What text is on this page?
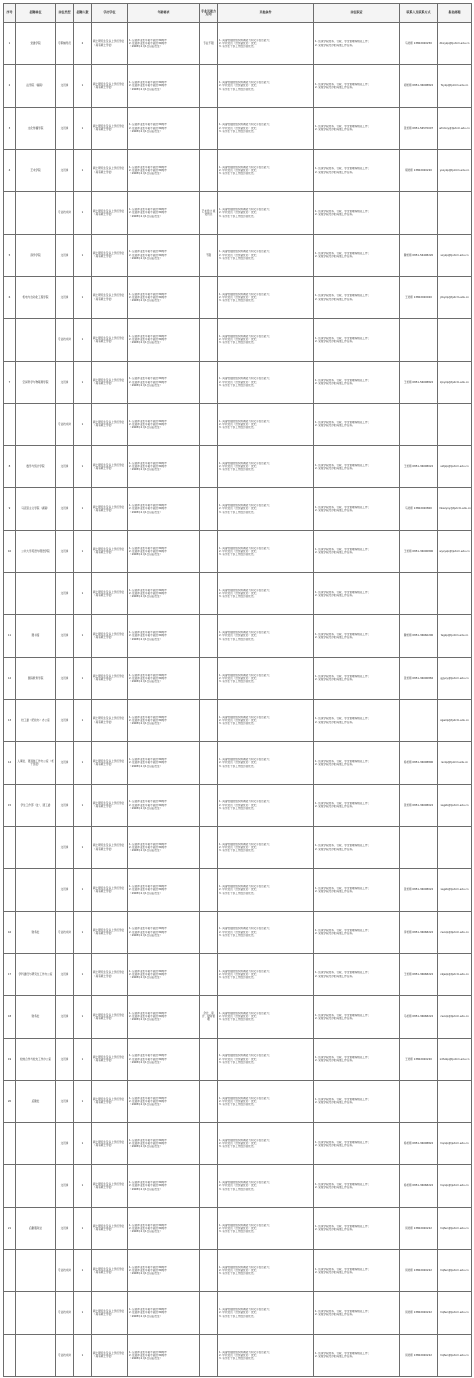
序号	招聘单位	岗位类型	招聘人数	学历学位	年龄要求	专业及能力方向	其他条件	岗位职责	联系人及联系方式	报名邮箱
1	党建学院	专职辅导员	2	硕士研究生及以上学历学位（具有硕士学位）	1. 应届毕业生年龄不超过30周岁
2. 往届毕业生年龄不超过30周岁
（1993年1月1日以后出生）	专业不限	1. 具备较强的组织协调能力和文字表达能力；
2. 中共党员（含预备党员）优先；
3. 有学生干部工作经历者优先。	1. 负责学院党务、行政、学生管理等相关工作；
2. 完成学院交办的其他工作任务。	马老师 13802020250	dbxyzp@tjutcm.edu.cn
2	法学院（湖南）	文员岗	1	硕士研究生及以上学历学位（具有硕士学位）	1. 应届毕业生年龄不超过30周岁
2. 往届毕业生年龄不超过30周岁
（1993年1月1日以后出生）		1. 具备较强的组织协调能力和文字表达能力；
2. 中共党员（含预备党员）优先；
3. 有学生干部工作经历者优先。	1. 负责学院党务、行政、学生管理等相关工作；
2. 完成学院交办的其他工作任务。	胡老师 0851-36008822	fxyzp@tjutcm.edu.cn
3	文化传播学院	文员岗	1	硕士研究生及以上学历学位（具有硕士学位）	1. 应届毕业生年龄不超过30周岁
2. 往届毕业生年龄不超过30周岁
（1993年1月1日以后出生）		1. 具备较强的组织协调能力和文字表达能力；
2. 中共党员（含预备党员）优先；
3. 有学生干部工作经历者优先。	1. 负责学院党务、行政、学生管理等相关工作；
2. 完成学院交办的其他工作任务。	张老师 0851-56570007	whcbxy@tjutcm.edu.cn
4	艺术学院	文员岗	1	硕士研究生及以上学历学位（具有硕士学位）	1. 应届毕业生年龄不超过30周岁
2. 往届毕业生年龄不超过30周岁
（1993年1月1日以后出生）		1. 具备较强的组织协调能力和文字表达能力；
2. 中共党员（含预备党员）优先；
3. 有学生干部工作经历者优先。	1. 负责学院党务、行政、学生管理等相关工作；
2. 完成学院交办的其他工作任务。	胡老师 13802020220	ysxyzp@tjutcm.edu.cn
		专业技术岗	1	硕士研究生及以上学历学位（具有硕士学位）	1. 应届毕业生年龄不超过30周岁
2. 往届毕业生年龄不超过30周岁
（1993年1月1日以后出生）	艺术设计 视觉传达	1. 具备较强的组织协调能力和文字表达能力；
2. 中共党员（含预备党员）优先；
3. 有学生干部工作经历者优先。	1. 负责学院党务、行政、学生管理等相关工作；
2. 完成学院交办的其他工作任务。		

5	商学学院	文员岗	1	硕士研究生及以上学历学位（具有硕士学位）	1. 应届毕业生年龄不超过30周岁
2. 往届毕业生年龄不超过30周岁
（1993年1月1日以后出生）	不限	1. 具备较强的组织协调能力和文字表达能力；
2. 中共党员（含预备党员）优先；
3. 有学生干部工作经历者优先。	1. 负责学院党务、行政、学生管理等相关工作；
2. 完成学院交办的其他工作任务。	魏老师 0851-56408220	sxyzp@tjutcm.edu.cn
6	机电与自动化工程学院	文员岗	1	硕士研究生及以上学历学位（具有硕士学位）	1. 应届毕业生年龄不超过30周岁
2. 往届毕业生年龄不超过30周岁
（1993年1月1日以后出生）		1. 具备较强的组织协调能力和文字表达能力；
2. 中共党员（含预备党员）优先；
3. 有学生干部工作经历者优先。	1. 负责学院党务、行政、学生管理等相关工作；
2. 完成学院交办的其他工作任务。	王老师 13802020020	jdxyzp@tjutcm.edu.cn
		专业技术岗	1	硕士研究生及以上学历学位（具有硕士学位）	1. 应届毕业生年龄不超过30周岁
2. 往届毕业生年龄不超过30周岁
（1993年1月1日以后出生）		1. 具备较强的组织协调能力和文字表达能力；
2. 中共党员（含预备党员）优先；
3. 有学生干部工作经历者优先。	1. 负责学院党务、行政、学生管理等相关工作；
2. 完成学院交办的其他工作任务。		

7	空间科学与物联网学院	文员岗	1	硕士研究生及以上学历学位（具有硕士学位）	1. 应届毕业生年龄不超过30周岁
2. 往届毕业生年龄不超过30周岁
（1993年1月1日以后出生）		1. 具备较强的组织协调能力和文字表达能力；
2. 中共党员（含预备党员）优先；
3. 有学生干部工作经历者优先。	1. 负责学院党务、行政、学生管理等相关工作；
2. 完成学院交办的其他工作任务。	王老师 0851-56008822	kjxyzp@tjutcm.edu.cn
		专业技术岗	1	硕士研究生及以上学历学位（具有硕士学位）	1. 应届毕业生年龄不超过30周岁
2. 往届毕业生年龄不超过30周岁
（1993年1月1日以后出生）		1. 具备较强的组织协调能力和文字表达能力；
2. 中共党员（含预备党员）优先；
3. 有学生干部工作经历者优先。	1. 负责学院党务、行政、学生管理等相关工作；
2. 完成学院交办的其他工作任务。		

8	数学与统计学院	文员岗	1	硕士研究生及以上学历学位（具有硕士学位）	1. 应届毕业生年龄不超过30周岁
2. 往届毕业生年龄不超过30周岁
（1993年1月1日以后出生）		1. 具备较强的组织协调能力和文字表达能力；
2. 中共党员（含预备党员）优先；
3. 有学生干部工作经历者优先。	1. 负责学院党务、行政、学生管理等相关工作；
2. 完成学院交办的其他工作任务。	王老师 0851-36008022	sxtjzp@tjutcm.edu.cn
9	马克思主义学院（湖南）	文员岗	1	硕士研究生及以上学历学位（具有硕士学位）	1. 应届毕业生年龄不超过30周岁
2. 往届毕业生年龄不超过30周岁
（1993年1月1日以后出生）		1. 具备较强的组织协调能力和文字表达能力；
2. 中共党员（含预备党员）优先；
3. 有学生干部工作经历者优先。	1. 负责学院党务、行政、学生管理等相关工作；
2. 完成学院交办的其他工作任务。	马老师 13802020800	mkszyxy@tjutcm.edu.cn
10	公共大学英语与理语学院	文员岗	1	硕士研究生及以上学历学位（具有硕士学位）	1. 应届毕业生年龄不超过30周岁
2. 往届毕业生年龄不超过30周岁
（1993年1月1日以后出生）		1. 具备较强的组织协调能力和文字表达能力；
2. 中共党员（含预备党员）优先；
3. 有学生干部工作经历者优先。	1. 负责学院党务、行政、学生管理等相关工作；
2. 完成学院交办的其他工作任务。	王老师 0851-36000800	wyxyzp@tjutcm.edu.cn
		文员岗	1	硕士研究生及以上学历学位（具有硕士学位）	1. 应届毕业生年龄不超过30周岁
2. 往届毕业生年龄不超过30周岁
（1993年1月1日以后出生）		1. 具备较强的组织协调能力和文字表达能力；
2. 中共党员（含预备党员）优先；
3. 有学生干部工作经历者优先。	1. 负责学院党务、行政、学生管理等相关工作；
2. 完成学院交办的其他工作任务。		

11	图书馆	文员岗	1	硕士研究生及以上学历学位（具有硕士学位）	1. 应届毕业生年龄不超过30周岁
2. 往届毕业生年龄不超过30周岁
（1993年1月1日以后出生）		1. 具备较强的组织协调能力和文字表达能力；
2. 中共党员（含预备党员）优先；
3. 有学生干部工作经历者优先。	1. 负责学院党务、行政、学生管理等相关工作；
2. 完成学院交办的其他工作任务。	魏老师 0851-36660200	tsgzp@tjutcm.edu.cn
12	国际教育学院	文员岗	1	硕士研究生及以上学历学位（具有硕士学位）	1. 应届毕业生年龄不超过30周岁
2. 往届毕业生年龄不超过30周岁
（1993年1月1日以后出生）		1. 具备较强的组织协调能力和文字表达能力；
2. 中共党员（含预备党员）优先；
3. 有学生干部工作经历者优先。	1. 负责学院党务、行政、学生管理等相关工作；
2. 完成学院交办的其他工作任务。	张老师 0851-36000882	gjjyxy@tjutcm.edu.cn
13	校工委（纪检办）办公室	文员岗	1	硕士研究生及以上学历学位（具有硕士学位）	1. 应届毕业生年龄不超过30周岁
2. 往届毕业生年龄不超过30周岁
（1993年1月1日以后出生）		1. 具备较强的组织协调能力和文字表达能力；
2. 中共党员（含预备党员）优先；
3. 有学生干部工作经历者优先。	1. 负责学院党务、行政、学生管理等相关工作；
2. 完成学院交办的其他工作任务。		xgwzp@tjutcm.edu.cn
14	人事处、离退休工作办公室（老干部处）	文员岗	1	硕士研究生及以上学历学位（具有硕士学位）	1. 应届毕业生年龄不超过30周岁
2. 往届毕业生年龄不超过30周岁
（1993年1月1日以后出生）		1. 具备较强的组织协调能力和文字表达能力；
2. 中共党员（含预备党员）优先；
3. 有学生干部工作经历者优先。	1. 负责学院党务、行政、学生管理等相关工作；
2. 完成学院交办的其他工作任务。	杨老师 0851-36008800	rsczp@tjutcm.edu.cn
15	学生工作部（处）、团工委	文员岗	1	硕士研究生及以上学历学位（具有硕士学位）	1. 应届毕业生年龄不超过30周岁
2. 往届毕业生年龄不超过30周岁
（1993年1月1日以后出生）		1. 具备较强的组织协调能力和文字表达能力；
2. 中共党员（含预备党员）优先；
3. 有学生干部工作经历者优先。	1. 负责学院党务、行政、学生管理等相关工作；
2. 完成学院交办的其他工作任务。	张老师 0851-36008022	xsgzb@tjutcm.edu.cn
		文员岗	1	硕士研究生及以上学历学位（具有硕士学位）	1. 应届毕业生年龄不超过30周岁
2. 往届毕业生年龄不超过30周岁
（1993年1月1日以后出生）		1. 具备较强的组织协调能力和文字表达能力；
2. 中共党员（含预备党员）优先；
3. 有学生干部工作经历者优先。	1. 负责学院党务、行政、学生管理等相关工作；
2. 完成学院交办的其他工作任务。		

		文员岗	1	硕士研究生及以上学历学位（具有硕士学位）	1. 应届毕业生年龄不超过30周岁
2. 往届毕业生年龄不超过30周岁
（1993年1月1日以后出生）		1. 具备较强的组织协调能力和文字表达能力；
2. 中共党员（含预备党员）优先；
3. 有学生干部工作经历者优先。	1. 负责学院党务、行政、学生管理等相关工作；
2. 完成学院交办的其他工作任务。	张老师 0851-36008022	xsgzb@tjutcm.edu.cn
16	财务处	专业技术岗	1	硕士研究生及以上学历学位（具有硕士学位）	1. 应届毕业生年龄不超过30周岁
2. 往届毕业生年龄不超过30周岁
（1993年1月1日以后出生）		1. 具备较强的组织协调能力和文字表达能力；
2. 中共党员（含预备党员）优先；
3. 有学生干部工作经历者优先。	1. 负责学院党务、行政、学生管理等相关工作；
2. 完成学院交办的其他工作任务。	李老师 0851-36068222	cwczp@tjutcm.edu.cn
17	学科建设与研究生工作办公室	文员岗	1	硕士研究生及以上学历学位（具有硕士学位）	1. 应届毕业生年龄不超过30周岁
2. 往届毕业生年龄不超过30周岁
（1993年1月1日以后出生）		1. 具备较强的组织协调能力和文字表达能力；
2. 中共党员（含预备党员）优先；
3. 有学生干部工作经历者优先。	1. 负责学院党务、行政、学生管理等相关工作；
2. 完成学院交办的其他工作任务。	王老师 0851-36668222	xkjszp@tjutcm.edu.cn
18	财务处	文员岗	1	硕士研究生及以上学历学位（具有硕士学位）	1. 应届毕业生年龄不超过30周岁
2. 往届毕业生年龄不超过30周岁
（1993年1月1日以后出生）	会计、审计、财务管理	1. 具备较强的组织协调能力和文字表达能力；
2. 中共党员（含预备党员）优先；
3. 有学生干部工作经历者优先。	1. 负责学院党务、行政、学生管理等相关工作；
2. 完成学院交办的其他工作任务。	马老师 0851-36668222	cwczp@tjutcm.edu.cn
19	校地合作与校友工作办公室	文员岗	1	硕士研究生及以上学历学位（具有硕士学位）	1. 应届毕业生年龄不超过30周岁
2. 往届毕业生年龄不超过30周岁
（1993年1月1日以后出生）		1. 具备较强的组织协调能力和文字表达能力；
2. 中共党员（含预备党员）优先；
3. 有学生干部工作经历者优先。	1. 负责学院党务、行政、学生管理等相关工作；
2. 完成学院交办的其他工作任务。	王老师 13802020220	xdhzzp@tjutcm.edu.cn
20	后勤处	文员岗	1	硕士研究生及以上学历学位（具有硕士学位）	1. 应届毕业生年龄不超过30周岁
2. 往届毕业生年龄不超过30周岁
（1993年1月1日以后出生）		1. 具备较强的组织协调能力和文字表达能力；
2. 中共党员（含预备党员）优先；
3. 有学生干部工作经历者优先。	1. 负责学院党务、行政、学生管理等相关工作；
2. 完成学院交办的其他工作任务。		

		文员岗	1	硕士研究生及以上学历学位（具有硕士学位）	1. 应届毕业生年龄不超过30周岁
2. 往届毕业生年龄不超过30周岁
（1993年1月1日以后出生）		1. 具备较强的组织协调能力和文字表达能力；
2. 中共党员（含预备党员）优先；
3. 有学生干部工作经历者优先。	1. 负责学院党务、行政、学生管理等相关工作；
2. 完成学院交办的其他工作任务。	杨老师 0851-36008822	hqczp@tjutcm.edu.cn
		文员岗	1	硕士研究生及以上学历学位（具有硕士学位）	1. 应届毕业生年龄不超过30周岁
2. 往届毕业生年龄不超过30周岁
（1993年1月1日以后出生）		1. 具备较强的组织协调能力和文字表达能力；
2. 中共党员（含预备党员）优先；
3. 有学生干部工作经历者优先。	1. 负责学院党务、行政、学生管理等相关工作；
2. 完成学院交办的其他工作任务。	杨老师 0851-36068222	hqczp@tjutcm.edu.cn
21	后勤服务处	文员岗	1	硕士研究生及以上学历学位（具有硕士学位）	1. 应届毕业生年龄不超过30周岁
2. 往届毕业生年龄不超过30周岁
（1993年1月1日以后出生）		1. 具备较强的组织协调能力和文字表达能力；
2. 中共党员（含预备党员）优先；
3. 有学生干部工作经历者优先。	1. 负责学院党务、行政、学生管理等相关工作；
2. 完成学院交办的其他工作任务。	何老师 13802020222	hqfwc@tjutcm.edu.cn
		专业技术岗	1	硕士研究生及以上学历学位（具有硕士学位）	1. 应届毕业生年龄不超过30周岁
2. 往届毕业生年龄不超过30周岁
（1993年1月1日以后出生）		1. 具备较强的组织协调能力和文字表达能力；
2. 中共党员（含预备党员）优先；
3. 有学生干部工作经历者优先。	1. 负责学院党务、行政、学生管理等相关工作；
2. 完成学院交办的其他工作任务。	何老师 13802020222	hqfwc@tjutcm.edu.cn
		专业技术岗	1	硕士研究生及以上学历学位（具有硕士学位）	1. 应届毕业生年龄不超过30周岁
2. 往届毕业生年龄不超过30周岁
（1993年1月1日以后出生）		1. 具备较强的组织协调能力和文字表达能力；
2. 中共党员（含预备党员）优先；
3. 有学生干部工作经历者优先。	1. 负责学院党务、行政、学生管理等相关工作；
2. 完成学院交办的其他工作任务。	何老师 13802020222	hqfwc@tjutcm.edu.cn
		专业技术岗	1	硕士研究生及以上学历学位（具有硕士学位）	1. 应届毕业生年龄不超过30周岁
2. 往届毕业生年龄不超过30周岁
（1993年1月1日以后出生）		1. 具备较强的组织协调能力和文字表达能力；
2. 中共党员（含预备党员）优先；
3. 有学生干部工作经历者优先。	1. 负责学院党务、行政、学生管理等相关工作；
2. 完成学院交办的其他工作任务。	何老师 13802020222	hqfwc@tjutcm.edu.cn
